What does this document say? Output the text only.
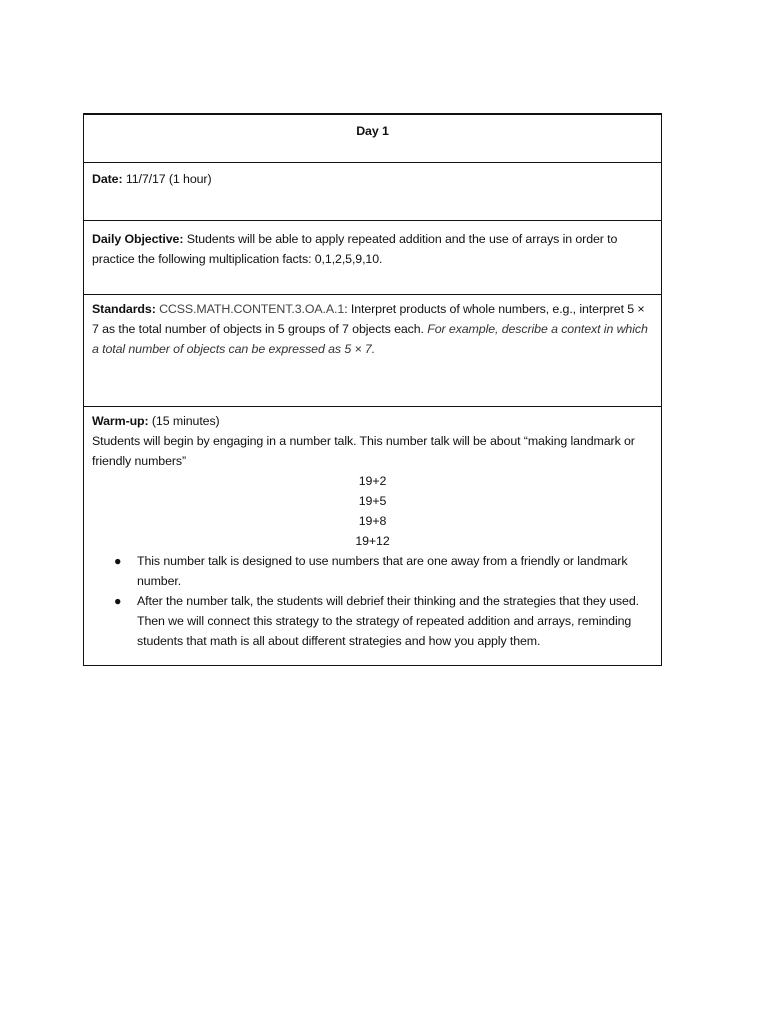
Day 1
Date: 11/7/17 (1 hour)
Daily Objective: Students will be able to apply repeated addition and the use of arrays in order to practice the following multiplication facts: 0,1,2,5,9,10.
Standards: CCSS.MATH.CONTENT.3.OA.A.1: Interpret products of whole numbers, e.g., interpret 5 × 7 as the total number of objects in 5 groups of 7 objects each. For example, describe a context in which a total number of objects can be expressed as 5 × 7.
Warm-up: (15 minutes)
Students will begin by engaging in a number talk. This number talk will be about “making landmark or friendly numbers”
19+2
19+5
19+8
19+12
● This number talk is designed to use numbers that are one away from a friendly or landmark number.
● After the number talk, the students will debrief their thinking and the strategies that they used. Then we will connect this strategy to the strategy of repeated addition and arrays, reminding students that math is all about different strategies and how you apply them.
